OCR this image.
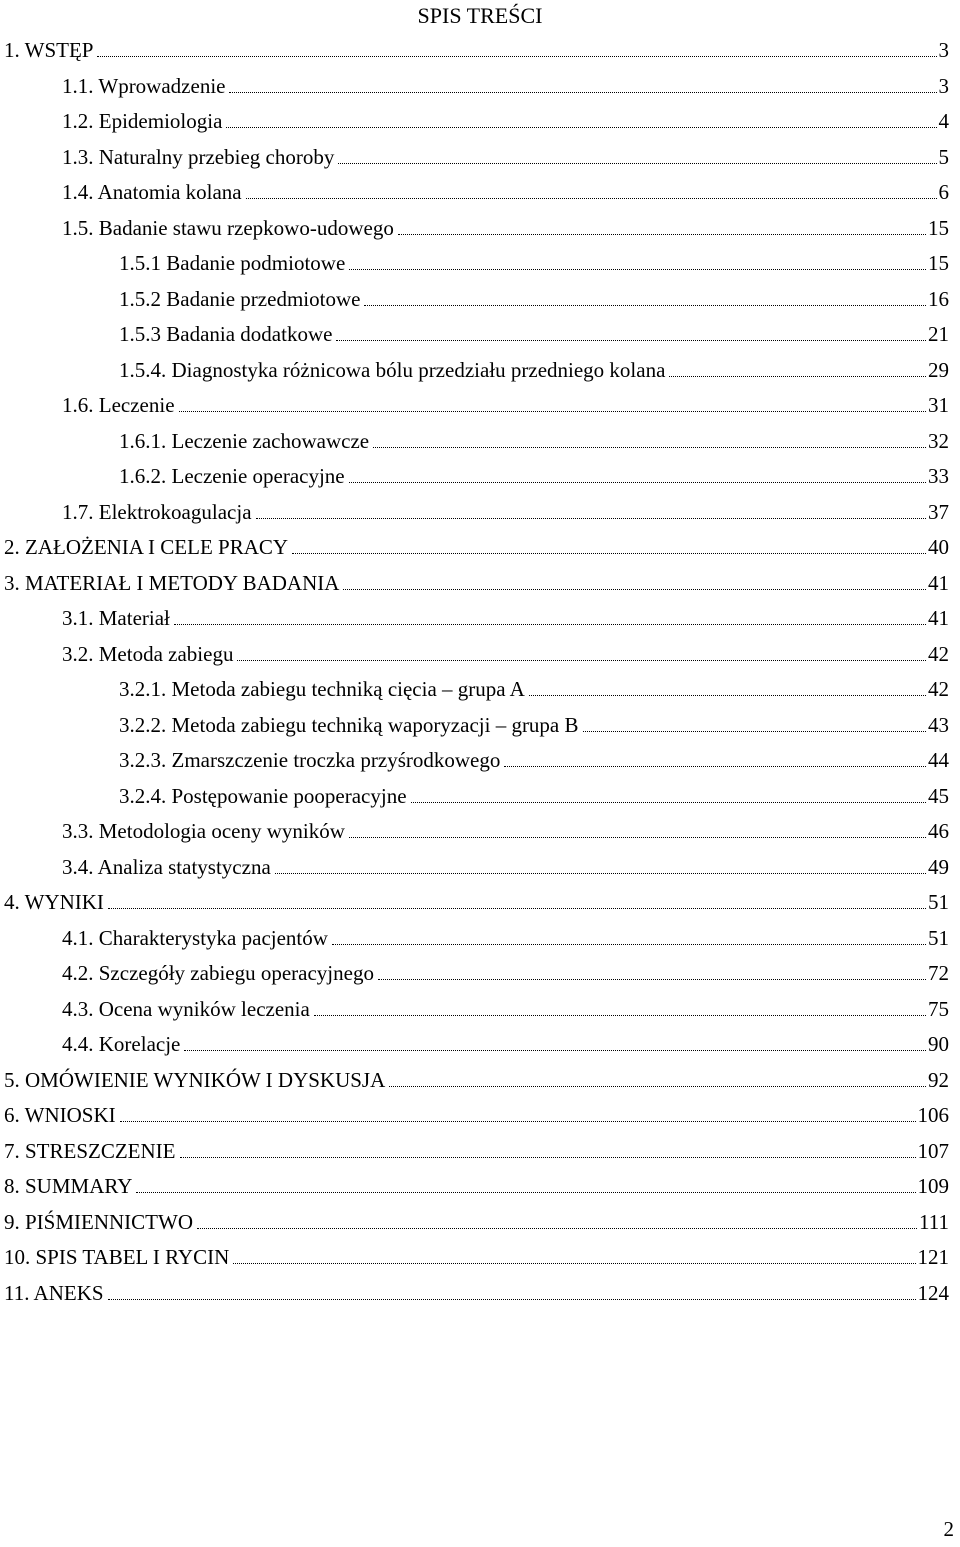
SPIS TREŚCI
1. WSTĘP	3
1.1. Wprowadzenie	3
1.2. Epidemiologia	4
1.3. Naturalny przebieg choroby	5
1.4. Anatomia kolana	6
1.5. Badanie stawu rzepkowo-udowego	15
1.5.1 Badanie podmiotowe	15
1.5.2 Badanie przedmiotowe	16
1.5.3 Badania dodatkowe	21
1.5.4. Diagnostyka różnicowa bólu przedziału przedniego kolana	29
1.6. Leczenie	31
1.6.1. Leczenie zachowawcze	32
1.6.2. Leczenie operacyjne	33
1.7. Elektrokoagulacja	37
2. ZAŁOŻENIA I CELE PRACY	40
3. MATERIAŁ I METODY BADANIA	41
3.1. Materiał	41
3.2. Metoda zabiegu	42
3.2.1. Metoda zabiegu techniką cięcia – grupa A	42
3.2.2. Metoda zabiegu techniką waporyzacji – grupa B	43
3.2.3. Zmarszczenie troczka przyśrodkowego	44
3.2.4. Postępowanie pooperacyjne	45
3.3. Metodologia oceny wyników	46
3.4. Analiza statystyczna	49
4. WYNIKI	51
4.1. Charakterystyka pacjentów	51
4.2. Szczegóły zabiegu operacyjnego	72
4.3. Ocena wyników leczenia	75
4.4. Korelacje	90
5. OMÓWIENIE WYNIKÓW I DYSKUSJA	92
6. WNIOSKI	106
7. STRESZCZENIE	107
8. SUMMARY	109
9. PIŚMIENNICTWO	111
10. SPIS TABEL I RYCIN	121
11. ANEKS	124
2
